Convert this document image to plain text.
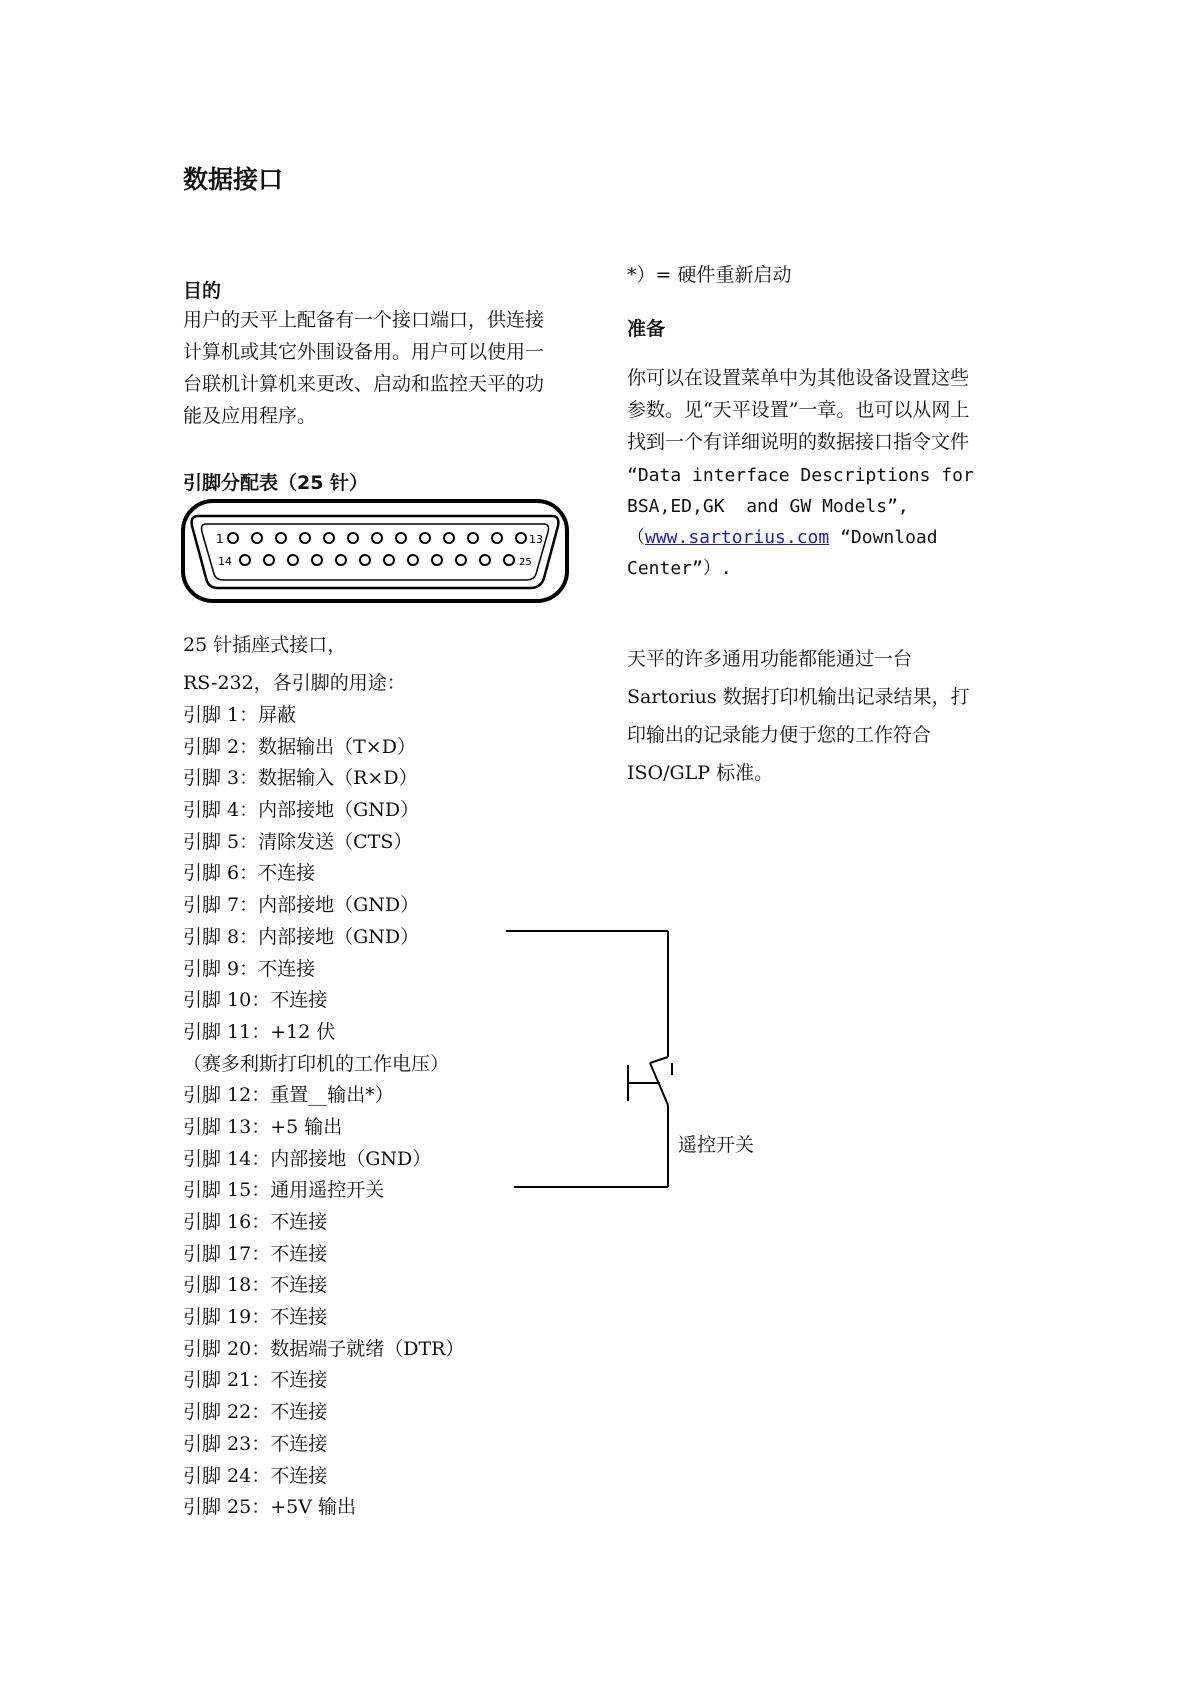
数据接口
目的
用户的天平上配备有一个接口端口，供连接
计算机或其它外围设备用。用户可以使用一
台联机计算机来更改、启动和监控天平的功
能及应用程序。
引脚分配表（25 针）
1	13
14	25
25 针插座式接口，
RS-232，各引脚的用途：
引脚 1：屏蔽
引脚 2：数据输出（T×D）
引脚 3：数据输入（R×D）
引脚 4：内部接地（GND）
引脚 5：清除发送（CTS）
引脚 6：不连接
引脚 7：内部接地（GND）
引脚 8：内部接地（GND）
引脚 9：不连接
引脚 10：不连接
引脚 11：+12 伏
（赛多利斯打印机的工作电压）
引脚 12：重置__输出*）
引脚 13：+5 输出
引脚 14：内部接地（GND）
引脚 15：通用遥控开关
引脚 16：不连接
引脚 17：不连接
引脚 18：不连接
引脚 19：不连接
引脚 20：数据端子就绪（DTR）
引脚 21：不连接
引脚 22：不连接
引脚 23：不连接
引脚 24：不连接
引脚 25：+5V 输出
*）= 硬件重新启动
准备
你可以在设置菜单中为其他设备设置这些
参数。见“天平设置”一章。也可以从网上
找到一个有详细说明的数据接口指令文件
“Data interface Descriptions for
BSA,ED,GK  and GW Models”,
（www.sartorius.com “Download
Center”）.
天平的许多通用功能都能通过一台
Sartorius 数据打印机输出记录结果，打
印输出的记录能力便于您的工作符合
ISO/GLP 标准。
遥控开关
